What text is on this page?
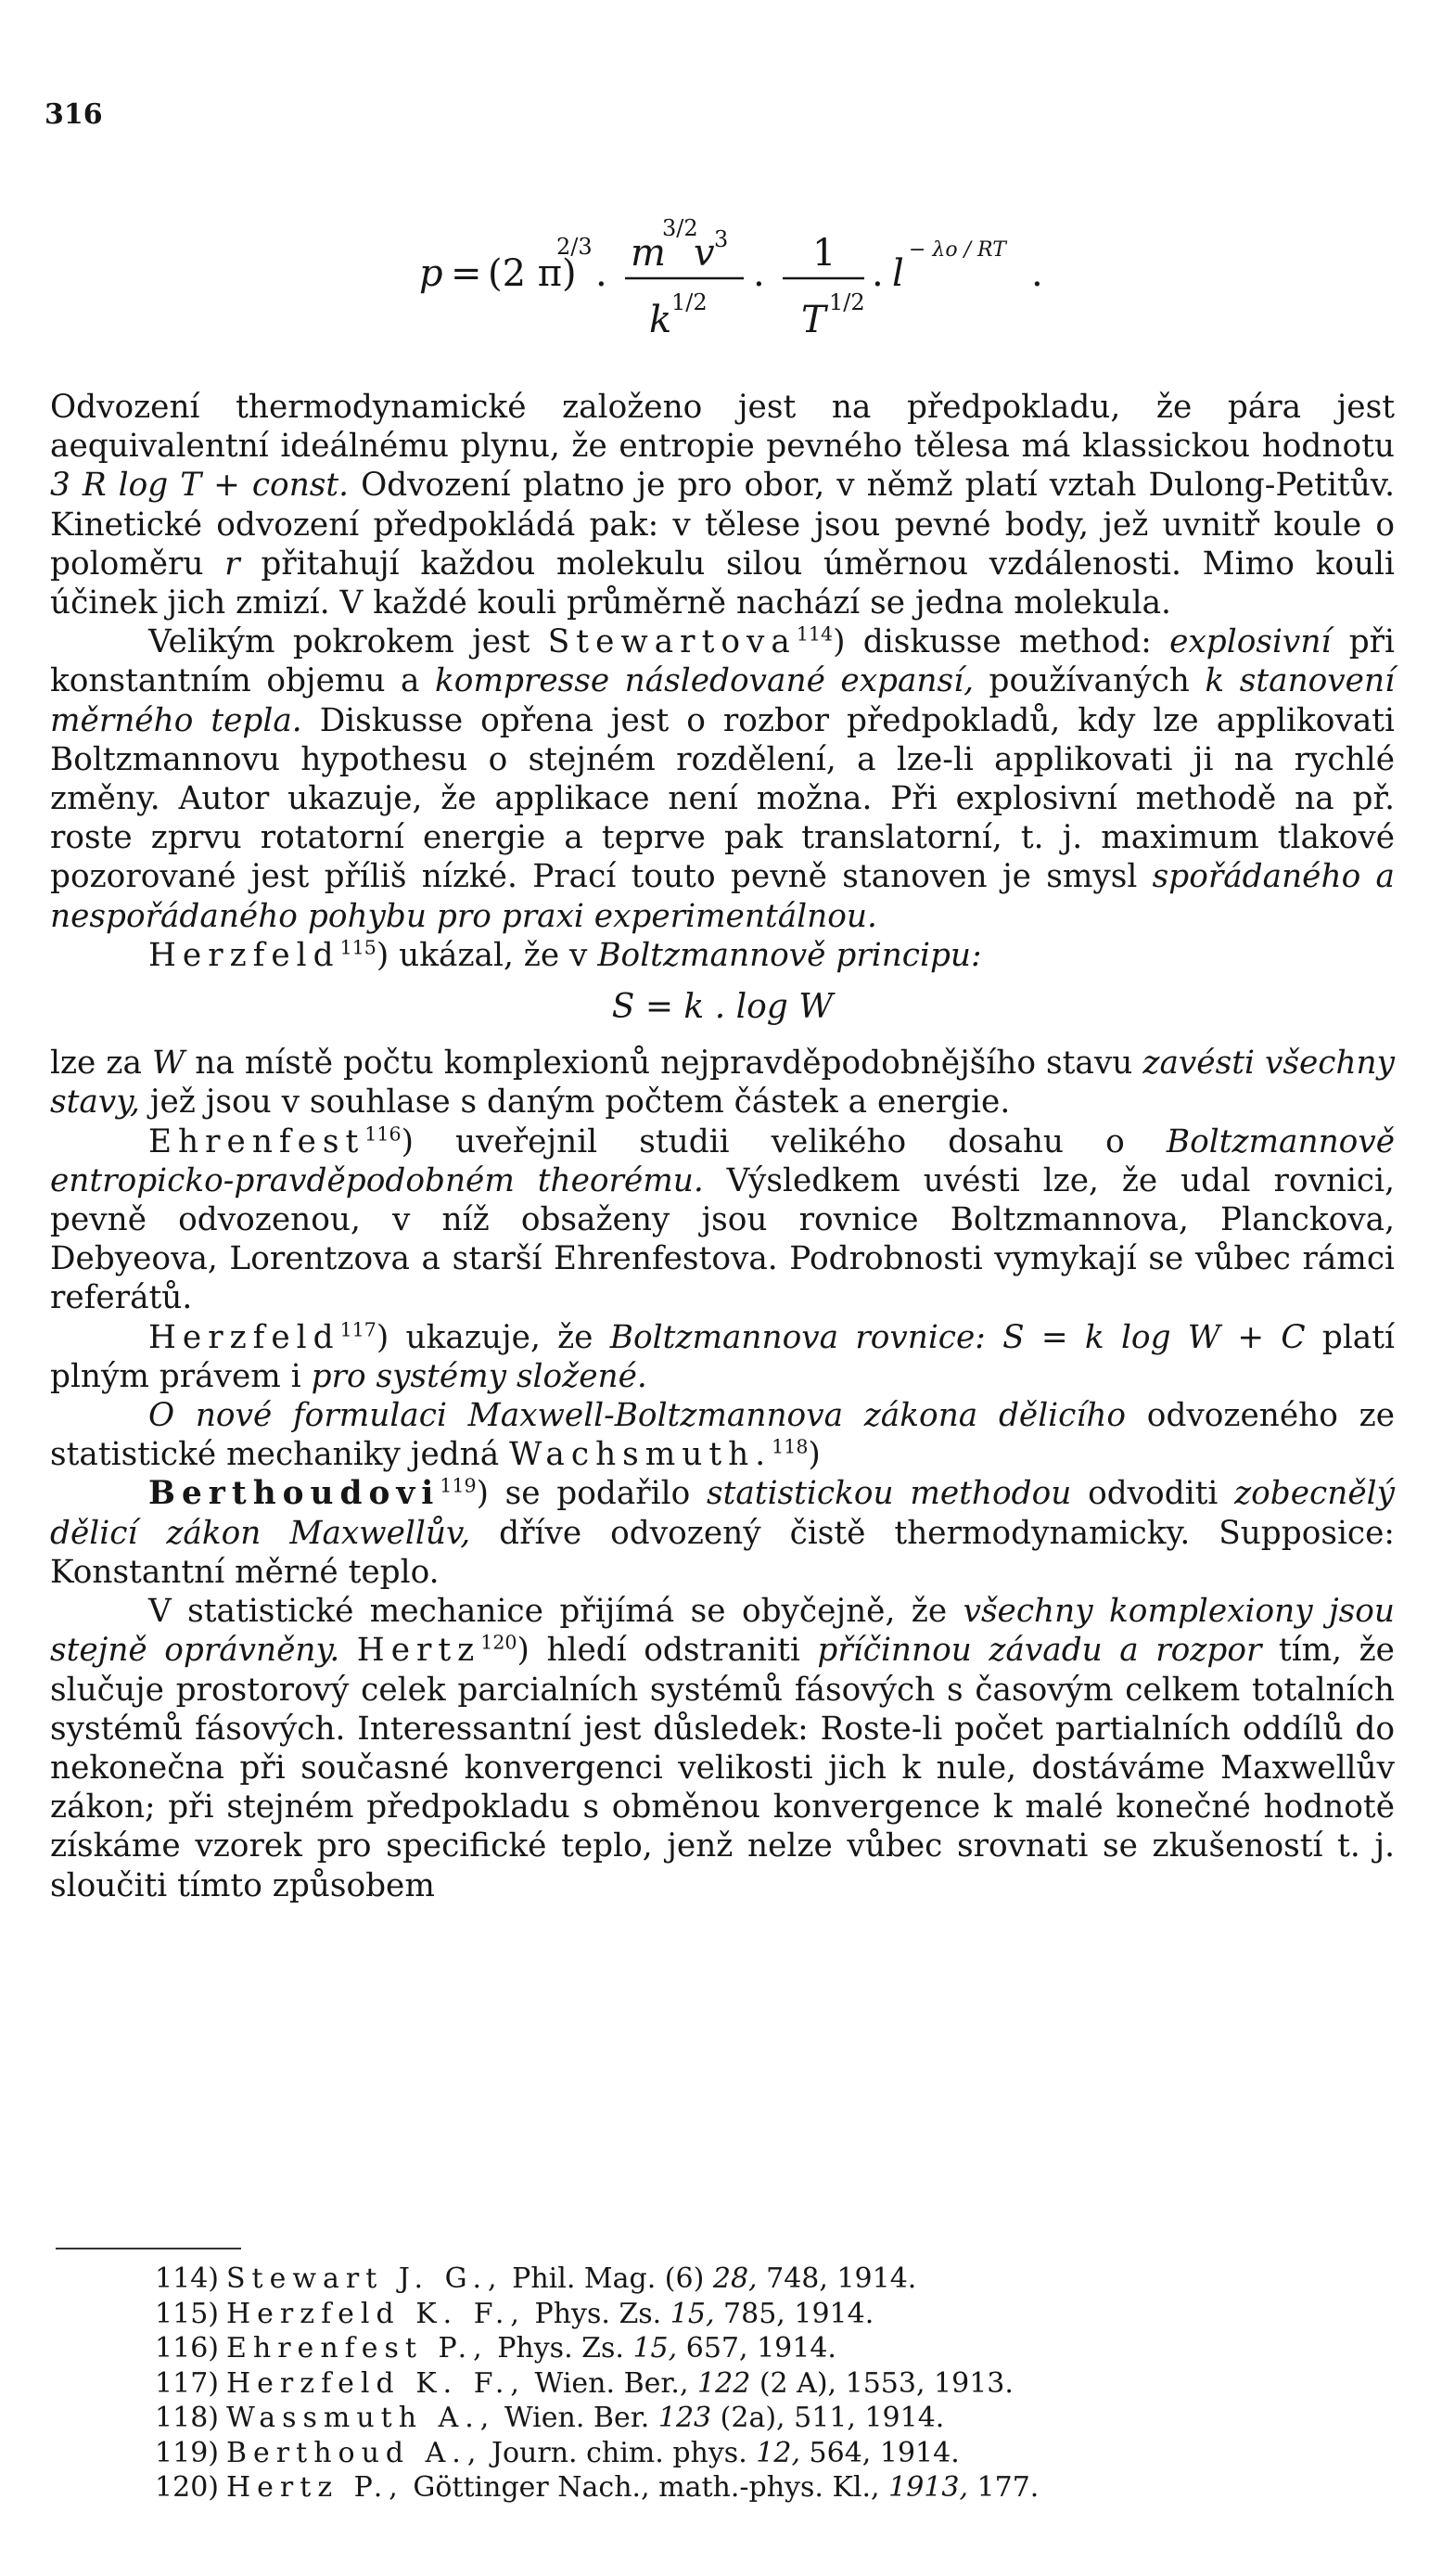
316
p = (2 π)
2/3
. m
3/2
v 3
k 1/2
. 1
T 1/2
. l
− λo / RT
.

Odvození thermodynamické založeno jest na předpokladu, že pára jest aequivalentní ideálnému plynu, že entropie pevného tělesa má klassickou hodnotu 3 R log T + const. Odvození platno je pro obor, v němž platí vztah Dulong-Petitův. Kinetické odvození předpokládá pak: v tělese jsou pevné body, jež uvnitř koule o poloměru r přitahují každou molekulu silou úměrnou vzdálenosti. Mimo kouli účinek jich zmizí. V každé kouli průměrně nachází se jedna molekula.

Velikým pokrokem jest Stewartova$^{114}$) diskusse method: explosivní při konstantním objemu a kompresse následované expansí, používaných k stanovení měrného tepla. Diskusse opřena jest o rozbor předpokladů, kdy lze applikovati Boltzmannovu hypothesu o stejném rozdělení, a lze-li applikovati ji na rychlé změny. Autor ukazuje, že applikace není možna. Při explosivní methodě na př. roste zprvu rotatorní energie a teprve pak translatorní, t. j. maximum tlakové pozorované jest příliš nízké. Prací touto pevně stanoven je smysl spořádaného a nespořádaného pohybu pro praxi experimentálnou.

Herzfeld$^{115}$) ukázal, že v Boltzmannově principu:

S = k . log W

lze za W na místě počtu komplexionů nejpravděpodobnějšího stavu zavésti všechny stavy, jež jsou v souhlase s daným počtem částek a energie.

Ehrenfest$^{116}$) uveřejnil studii velikého dosahu o Boltzmannově entropicko-pravděpodobném theorému. Výsledkem uvésti lze, že udal rovnici, pevně odvozenou, v níž obsaženy jsou rovnice Boltzmannova, Planckova, Debyeova, Lorentzova a starší Ehrenfestova. Podrobnosti vymykají se vůbec rámci referátů.

Herzfeld$^{117}$) ukazuje, že Boltzmannova rovnice: S = k log W + C platí plným právem i pro systémy složené.

O nové formulaci Maxwell-Boltzmannova zákona dělicího odvozeného ze statistické mechaniky jedná Wachsmuth.$^{118}$)

Berthoudovi$^{119}$) se podařilo statistickou methodou odvoditi zobecnělý dělicí zákon Maxwellův, dříve odvozený čistě thermodynamicky. Supposice: Konstantní měrné teplo.

V statistické mechanice přijímá se obyčejně, že všechny komplexiony jsou stejně oprávněny. Hertz$^{120}$) hledí odstraniti příčinnou závadu a rozpor tím, že slučuje prostorový celek parcialních systémů fásových s časovým celkem totalních systémů fásových. Interessantní jest důsledek: Roste-li počet partialních oddílů do nekonečna při současné konvergenci velikosti jich k nule, dostáváme Maxwellův zákon; při stejném předpokladu s obměnou konvergence k malé konečné hodnotě získáme vzorek pro specifické teplo, jenž nelze vůbec srovnati se zkušeností t. j. sloučiti tímto způsobem

114) Stewart J. G., Phil. Mag. (6) 28, 748, 1914.
115) Herzfeld K. F., Phys. Zs. 15, 785, 1914.
116) Ehrenfest P., Phys. Zs. 15, 657, 1914.
117) Herzfeld K. F., Wien. Ber., 122 (2 A), 1553, 1913.
118) Wassmuth A., Wien. Ber. 123 (2a), 511, 1914.
119) Berthoud A., Journ. chim. phys. 12, 564, 1914.
120) Hertz P., Göttinger Nach., math.-phys. Kl., 1913, 177.
